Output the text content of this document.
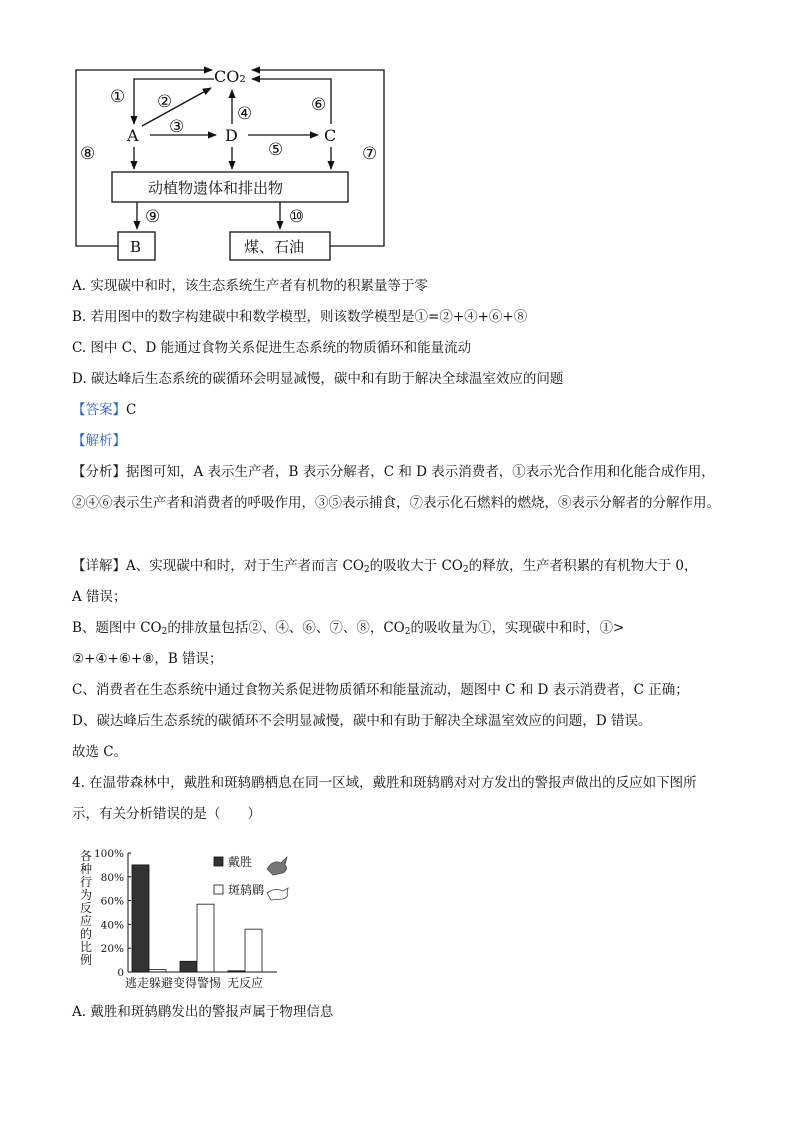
CO₂
A	D	C
动植物遗体和排出物
B	煤、石油
① ②
③
④
⑤
⑥
⑦
⑧
⑨	⑩
A. 实现碳中和时，该生态系统生产者有机物的积累量等于零
B. 若用图中的数字构建碳中和数学模型，则该数学模型是①=②+④+⑥+⑧
C. 图中 C、D 能通过食物关系促进生态系统的物质循环和能量流动
D. 碳达峰后生态系统的碳循环会明显减慢，碳中和有助于解决全球温室效应的问题
【答案】C
【解析】
【分析】据图可知，A 表示生产者，B 表示分解者，C 和 D 表示消费者，①表示光合作用和化能合成作用，②④⑥表示生产者和消费者的呼吸作用，③⑤表示捕食，⑦表示化石燃料的燃烧，⑧表示分解者的分解作用。
【详解】A、实现碳中和时，对于生产者而言 $CO_2$的吸收大于 $CO_2$的释放，生产者积累的有机物大于 0，
A 错误；
B、题图中 $CO_2$的排放量包括②、④、⑥、⑦、⑧，$CO_2$的吸收量为①，实现碳中和时，①>
②+④+⑥+⑧，B 错误；
C、消费者在生态系统中通过食物关系促进物质循环和能量流动，题图中 C 和 D 表示消费者，C 正确；
D、碳达峰后生态系统的碳循环不会明显减慢，碳中和有助于解决全球温室效应的问题，D 错误。
故选 C。
4. 在温带森林中，戴胜和斑鸫鹛栖息在同一区域，戴胜和斑鸫鹛对对方发出的警报声做出的反应如下图所示，有关分析错误的是（　　）
各
种
行
为
反
应
的
比
例
0
20%
40%
60%
80%
100%
逃走躲避 变得警惕 无反应
戴胜
斑鸫鹛
A. 戴胜和斑鸫鹛发出的警报声属于物理信息
